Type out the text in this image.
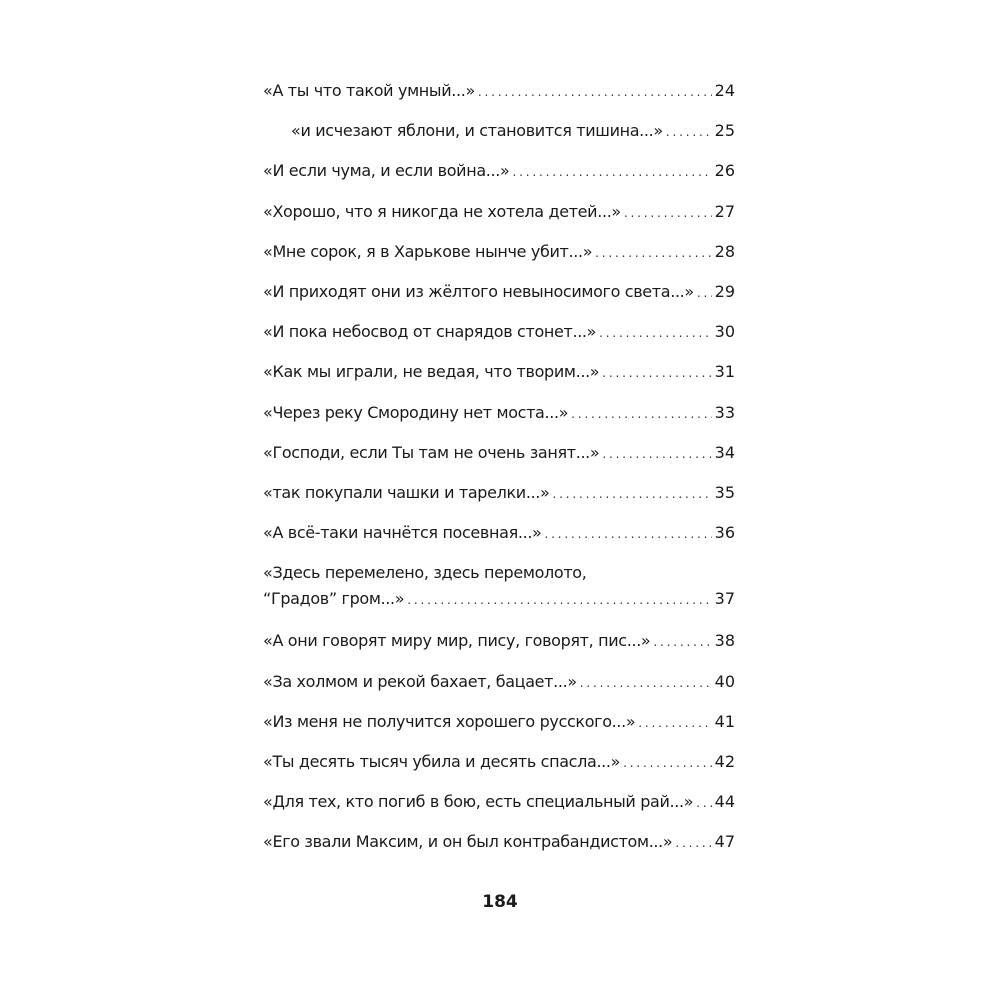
«А ты что такой умный...» . . .	24
«и исчезают яблони, и становится тишина...» . . .	25
«И если чума, и если война...» . . .	26
«Хорошо, что я никогда не хотела детей...» . . .	27
«Мне сорок, я в Харькове нынче убит...» . . .	28
«И приходят они из жёлтого невыносимого света...» . . . 29
«И пока небосвод от снарядов стонет...» . . .	30
«Как мы играли, не ведая, что творим...» . . .	31
«Через реку Смородину нет моста...» . . .	33
«Господи, если Ты там не очень занят...» . . .	34
«так покупали чашки и тарелки...» . . .	35
«А всё-таки начнётся посевная...» . . .	36
«Здесь перемелено, здесь перемолото,
“Градов” гром...» . . .	37
«А они говорят миру мир, пису, говорят, пис...» . . .	38
«За холмом и рекой бахает, бацает...» . . .	40
«Из меня не получится хорошего русского...» . . .	41
«Ты десять тысяч убила и десять спасла...» . . .	42
«Для тех, кто погиб в бою, есть специальный рай...» . . . 44
«Его звали Максим, и он был контрабандистом...» . . .	47
184
